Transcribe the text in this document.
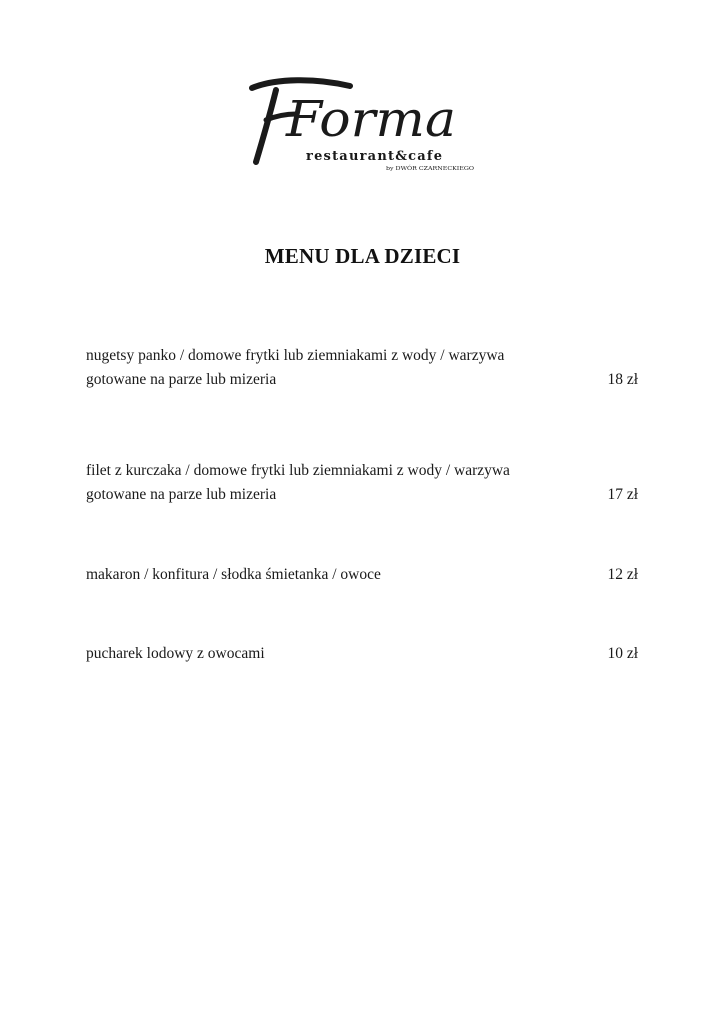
Forma
restaurant&cafe
by DWÓR CZARNECKIEGO
MENU DLA DZIECI
nugetsy panko / domowe frytki lub ziemniakami z wody / warzywa gotowane na parze lub mizeria	18 zł
filet z kurczaka / domowe frytki lub ziemniakami z wody / warzywa gotowane na parze lub mizeria	17 zł
makaron / konfitura / słodka śmietanka / owoce	12 zł
pucharek lodowy z owocami	10 zł
